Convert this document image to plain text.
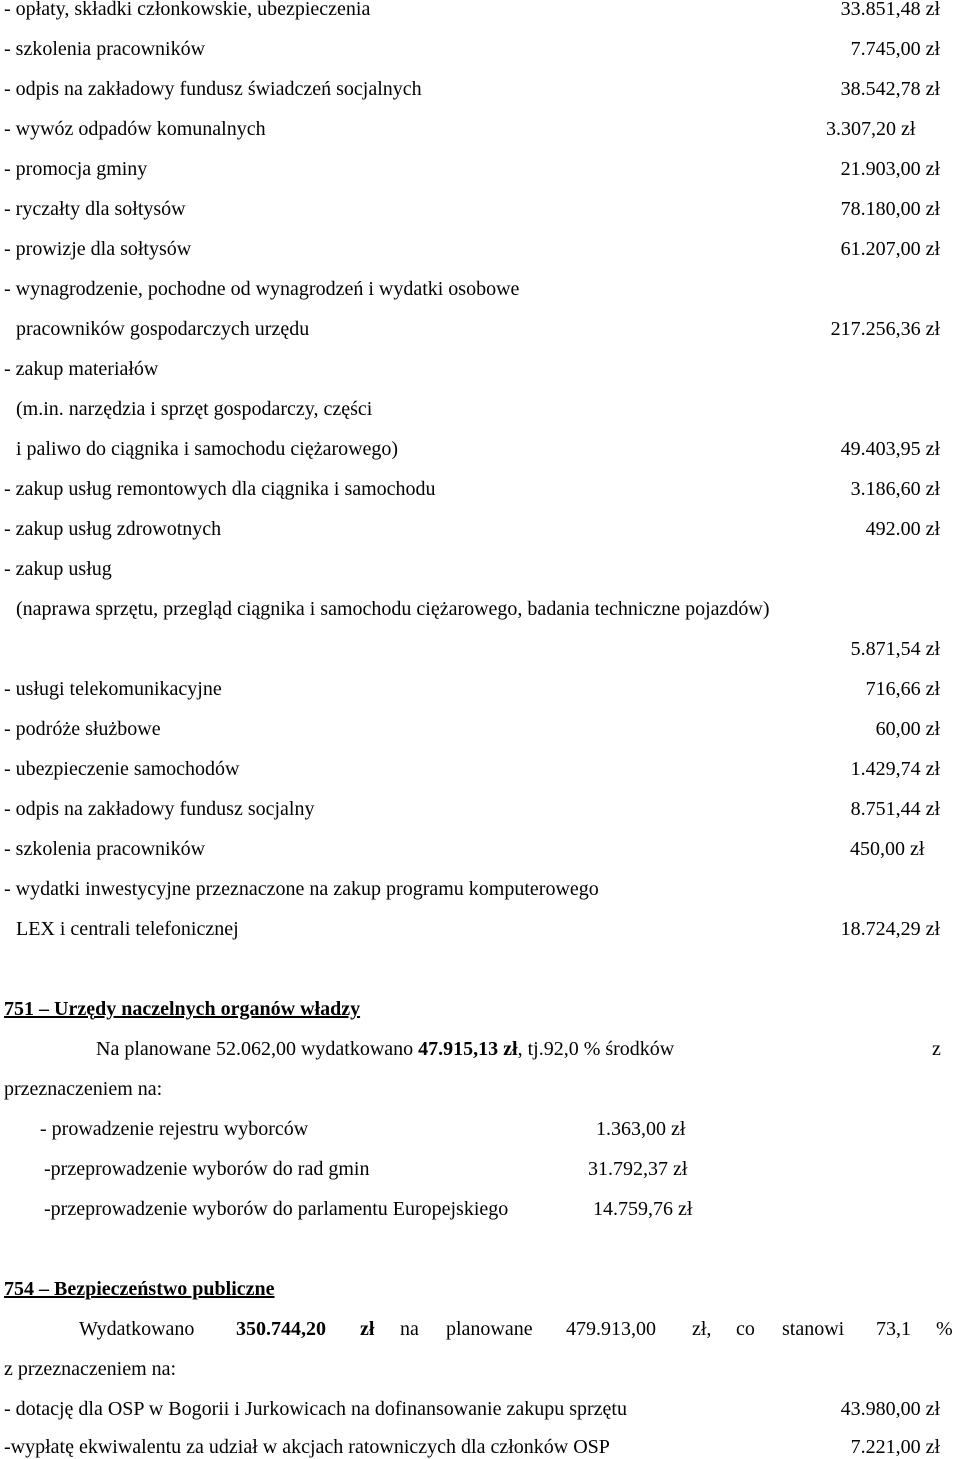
- opłaty, składki członkowskie, ubezpieczenia	33.851,48 zł
- szkolenia pracowników	7.745,00 zł
- odpis na zakładowy fundusz świadczeń socjalnych	38.542,78 zł
- wywóz odpadów komunalnych	3.307,20 zł
- promocja gminy	21.903,00 zł
- ryczałty dla sołtysów	78.180,00 zł
- prowizje dla sołtysów	61.207,00 zł
- wynagrodzenie, pochodne od wynagrodzeń i wydatki osobowe
pracowników gospodarczych urzędu	217.256,36 zł
- zakup materiałów
(m.in. narzędzia i sprzęt gospodarczy, części
i paliwo do ciągnika i samochodu ciężarowego)	49.403,95 zł
- zakup usług remontowych dla ciągnika i samochodu	3.186,60 zł
- zakup usług zdrowotnych	492.00 zł
- zakup usług
(naprawa sprzętu, przegląd ciągnika i samochodu ciężarowego, badania techniczne pojazdów)
5.871,54 zł
- usługi telekomunikacyjne	716,66 zł
- podróże służbowe	60,00 zł
- ubezpieczenie samochodów	1.429,74 zł
- odpis na zakładowy fundusz socjalny	8.751,44 zł
- szkolenia pracowników	450,00 zł
- wydatki inwestycyjne przeznaczone na zakup programu komputerowego
LEX i centrali telefonicznej	18.724,29 zł
751 – Urzędy naczelnych organów władzy
Na planowane 52.062,00 wydatkowano 47.915,13 zł, tj.92,0 % środków	z
przeznaczeniem na:
- prowadzenie rejestru wyborców	1.363,00 zł
-przeprowadzenie wyborów do rad gmin	31.792,37 zł
-przeprowadzenie wyborów do parlamentu Europejskiego	14.759,76 zł
754 – Bezpieczeństwo publiczne
Wydatkowano 350.744,20 zł na planowane 479.913,00 zł, co stanowi 73,1 %
z przeznaczeniem na:
- dotację dla OSP w Bogorii i Jurkowicach na dofinansowanie zakupu sprzętu	43.980,00 zł
-wypłatę ekwiwalentu za udział w akcjach ratowniczych dla członków OSP	7.221,00 zł
